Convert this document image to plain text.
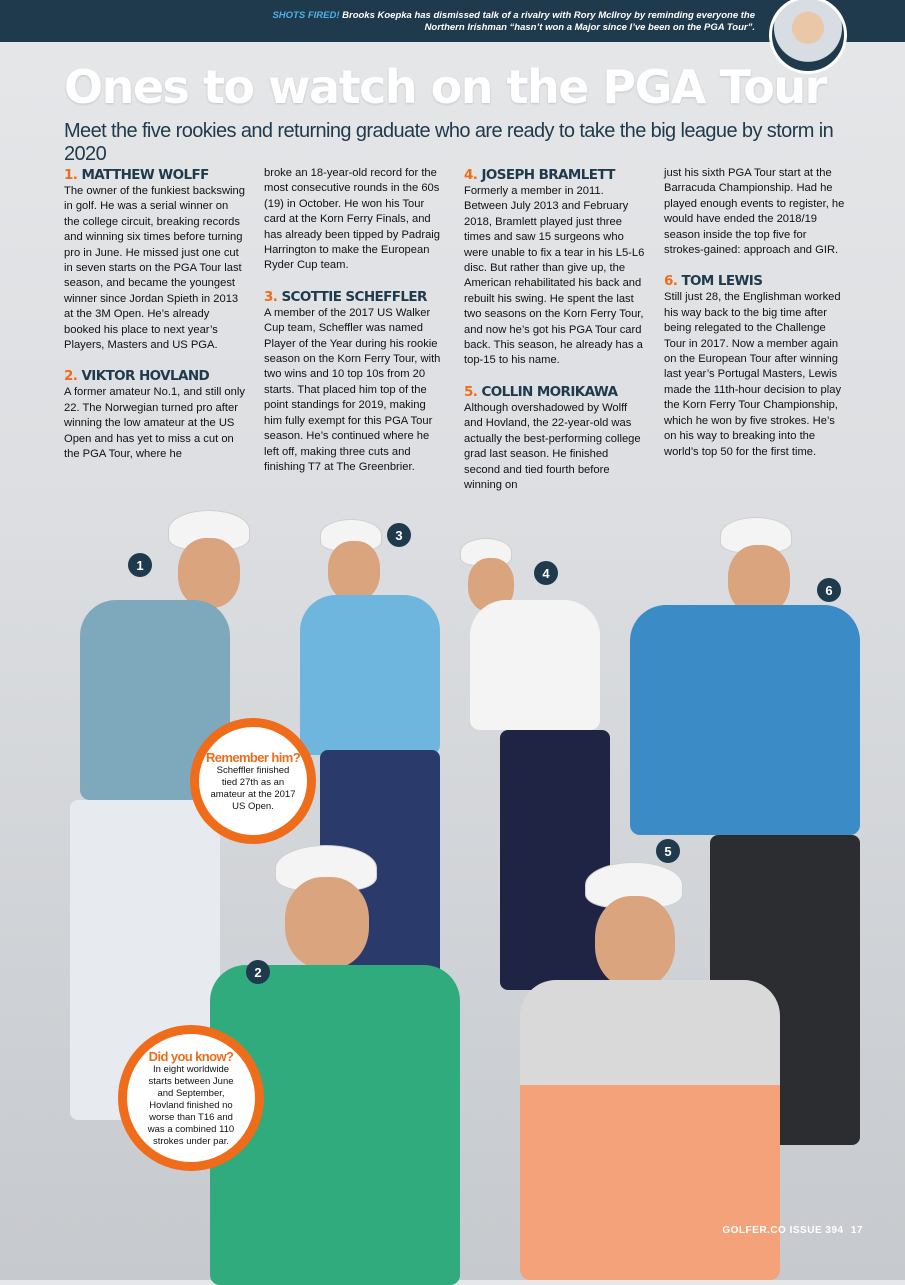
SHOTS FIRED! Brooks Koepka has dismissed talk of a rivalry with Rory McIlroy by reminding everyone the Northern Irishman “hasn’t won a Major since I’ve been on the PGA Tour”.
Ones to watch on the PGA Tour

Meet the five rookies and returning graduate who are ready to take the big league by storm in 2020

1. MATTHEW WOLFF

The owner of the funkiest backswing in golf. He was a serial winner on the college circuit, breaking records and winning six times before turning pro in June. He missed just one cut in seven starts on the PGA Tour last season, and became the youngest winner since Jordan Spieth in 2013 at the 3M Open. He’s already booked his place to next year’s Players, Masters and US PGA.

2. VIKTOR HOVLAND

A former amateur No.1, and still only 22. The Norwegian turned pro after winning the low amateur at the US Open and has yet to miss a cut on the PGA Tour, where he

broke an 18-year-old record for the most consecutive rounds in the 60s (19) in October. He won his Tour card at the Korn Ferry Finals, and has already been tipped by Padraig Harrington to make the European Ryder Cup team.

3. SCOTTIE SCHEFFLER

A member of the 2017 US Walker Cup team, Scheffler was named Player of the Year during his rookie season on the Korn Ferry Tour, with two wins and 10 top 10s from 20 starts. That placed him top of the point standings for 2019, making him fully exempt for this PGA Tour season. He’s continued where he left off, making three cuts and finishing T7 at The Greenbrier.

4. JOSEPH BRAMLETT

Formerly a member in 2011. Between July 2013 and February 2018, Bramlett played just three times and saw 15 surgeons who were unable to fix a tear in his L5-L6 disc. But rather than give up, the American rehabilitated his back and rebuilt his swing. He spent the last two seasons on the Korn Ferry Tour, and now he’s got his PGA Tour card back. This season, he already has a top-15 to his name.

5. COLLIN MORIKAWA

Although overshadowed by Wolff and Hovland, the 22-year-old was actually the best-performing college grad last season. He finished second and tied fourth before winning on

just his sixth PGA Tour start at the Barracuda Championship. Had he played enough events to register, he would have ended the 2018/19 season inside the top five for strokes-gained: approach and GIR.

6. TOM LEWIS

Still just 28, the Englishman worked his way back to the big time after being relegated to the Challenge Tour in 2017. Now a member again on the European Tour after winning last year’s Portugal Masters, Lewis made the 11th-hour decision to play the Korn Ferry Tour Championship, which he won by five strokes. He’s on his way to breaking into the world’s top 50 for the first time.

1
2
3
4
5
6
Remember him?
Scheffler finished tied 27th as an amateur at the 2017 US Open.
Did you know?
In eight worldwide starts between June and September, Hovland finished no worse than T16 and was a combined 110 strokes under par.
GOLFER.CO ISSUE 394 17
